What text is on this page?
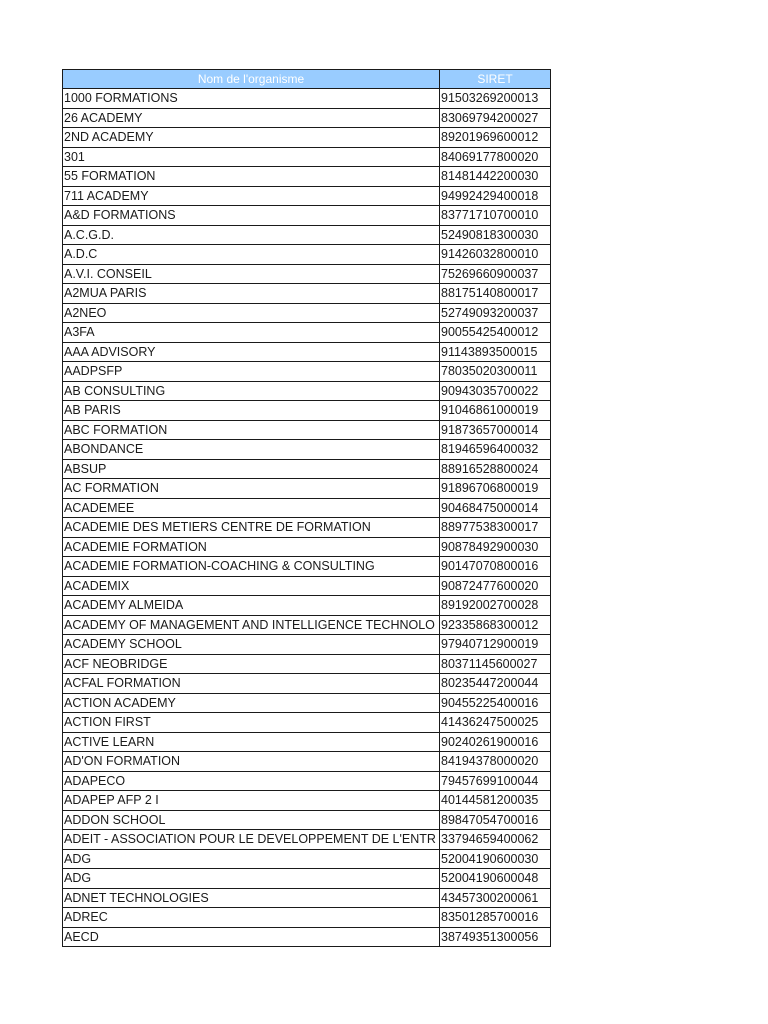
Nom de l'organisme	SIRET
1000 FORMATIONS	91503269200013
26 ACADEMY	83069794200027
2ND ACADEMY	89201969600012
301	84069177800020
55 FORMATION	81481442200030
711 ACADEMY	94992429400018
A&D FORMATIONS	83771710700010
A.C.G.D.	52490818300030
A.D.C	91426032800010
A.V.I. CONSEIL	75269660900037
A2MUA PARIS	88175140800017
A2NEO	52749093200037
A3FA	90055425400012
AAA ADVISORY	91143893500015
AADPSFP	78035020300011
AB CONSULTING	90943035700022
AB PARIS	91046861000019
ABC FORMATION	91873657000014
ABONDANCE	81946596400032
ABSUP	88916528800024
AC FORMATION	91896706800019
ACADEMEE	90468475000014
ACADEMIE DES METIERS CENTRE DE FORMATION	88977538300017
ACADEMIE FORMATION	90878492900030
ACADEMIE FORMATION-COACHING & CONSULTING	90147070800016
ACADEMIX	90872477600020
ACADEMY ALMEIDA	89192002700028
ACADEMY OF MANAGEMENT AND INTELLIGENCE TECHNOLO	92335868300012
ACADEMY SCHOOL	97940712900019
ACF NEOBRIDGE	80371145600027
ACFAL FORMATION	80235447200044
ACTION ACADEMY	90455225400016
ACTION FIRST	41436247500025
ACTIVE LEARN	90240261900016
AD'ON FORMATION	84194378000020
ADAPECO	79457699100044
ADAPEP AFP 2 I	40144581200035
ADDON SCHOOL	89847054700016
ADEIT - ASSOCIATION POUR LE DEVELOPPEMENT DE L'ENTR	33794659400062
ADG	52004190600030
ADG	52004190600048
ADNET TECHNOLOGIES	43457300200061
ADREC	83501285700016
AECD	38749351300056
